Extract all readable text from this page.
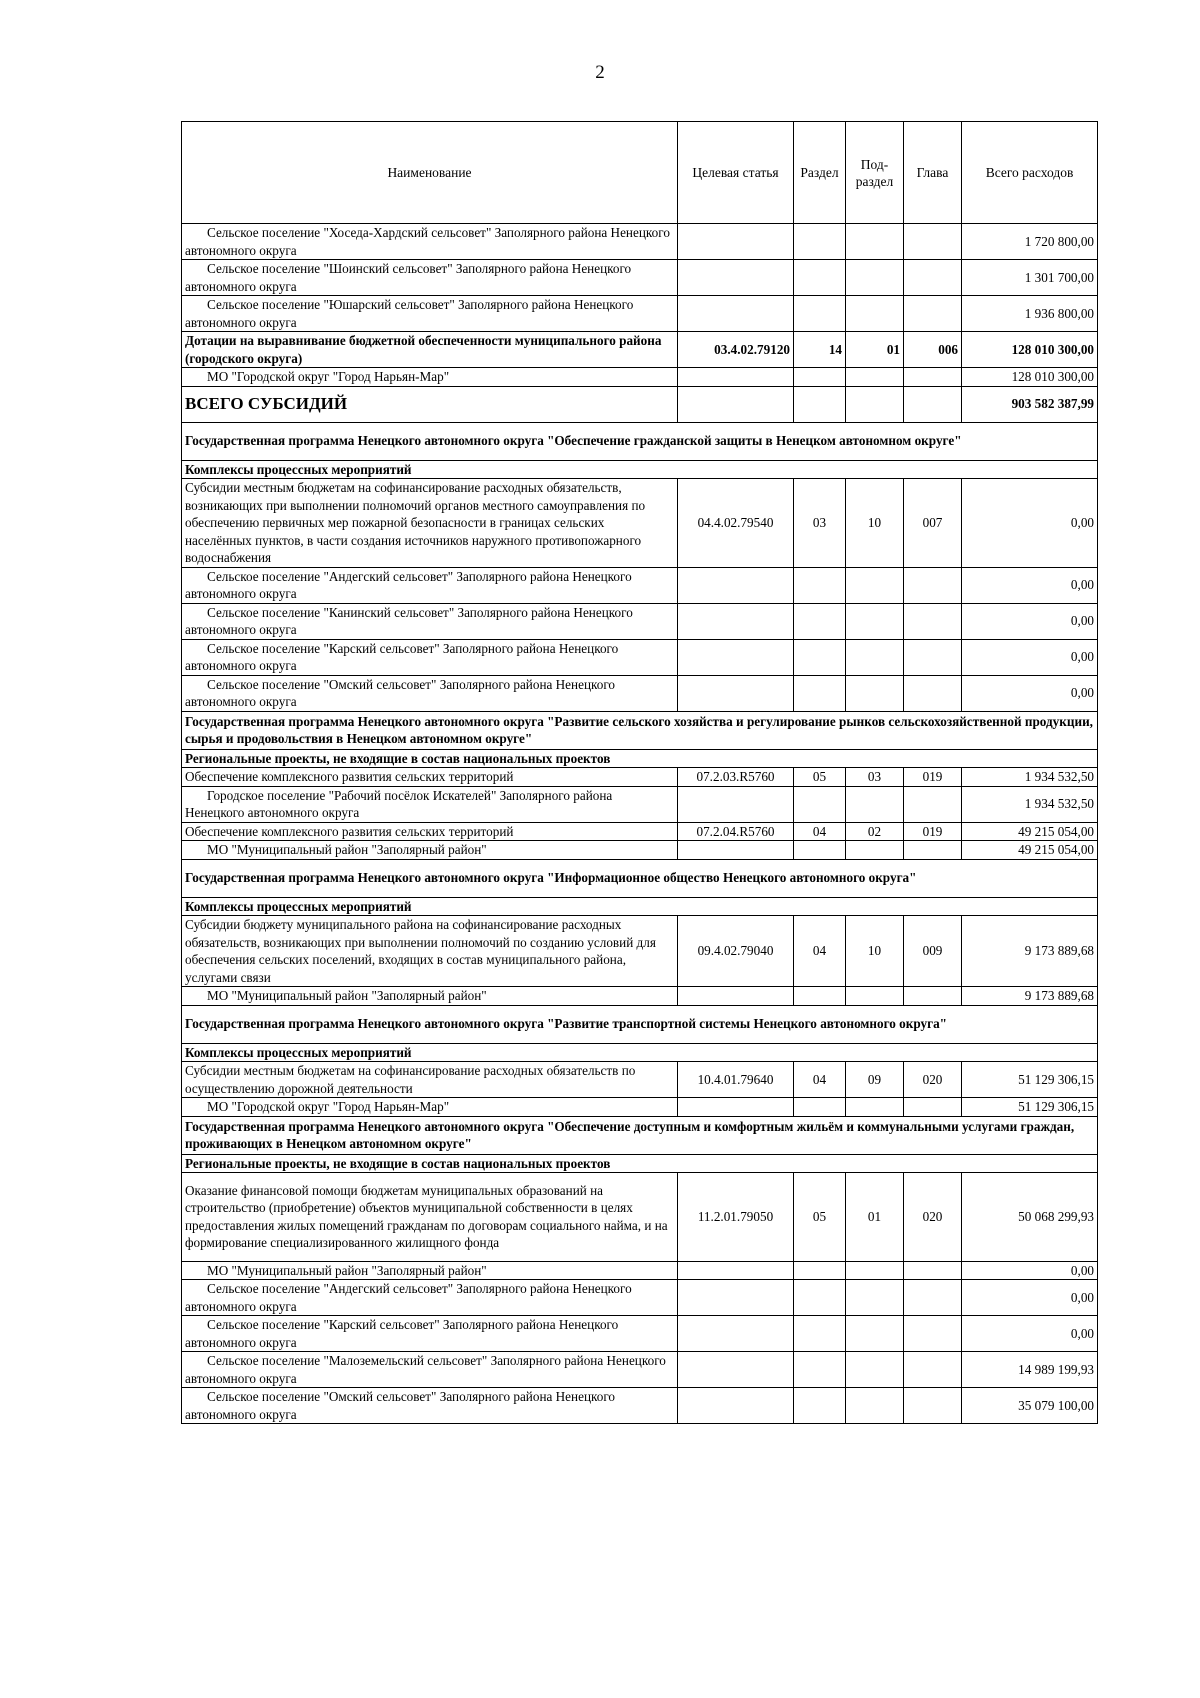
2
Наименование	Целевая статья	Раздел	Под-раздел	Глава	Всего расходов
Сельское поселение "Хоседа-Хардский сельсовет" Заполярного района Ненецкого автономного округа					1 720 800,00
Сельское поселение "Шоинский сельсовет" Заполярного района Ненецкого автономного округа					1 301 700,00
Сельское поселение "Юшарский сельсовет" Заполярного района Ненецкого автономного округа					1 936 800,00
Дотации на выравнивание бюджетной обеспеченности муниципального района (городского округа)	03.4.02.79120	14	01	006	128 010 300,00
МО "Городской округ "Город Нарьян-Мар"					128 010 300,00
ВСЕГО СУБСИДИЙ					903 582 387,99
Государственная программа Ненецкого автономного округа "Обеспечение гражданской защиты в Ненецком автономном округе"					
Комплексы процессных мероприятий					
Субсидии местным бюджетам на софинансирование расходных обязательств, возникающих при выполнении полномочий органов местного самоуправления по обеспечению первичных мер пожарной безопасности в границах сельских населённых пунктов, в части создания источников наружного противопожарного водоснабжения	04.4.02.79540	03	10	007	0,00
Сельское поселение "Андегский сельсовет" Заполярного района Ненецкого автономного округа					0,00
Сельское поселение "Канинский сельсовет" Заполярного района Ненецкого автономного округа					0,00
Сельское поселение "Карский сельсовет" Заполярного района Ненецкого автономного округа					0,00
Сельское поселение "Омский сельсовет" Заполярного района Ненецкого автономного округа					0,00
Государственная программа Ненецкого автономного округа "Развитие сельского хозяйства и регулирование рынков сельскохозяйственной продукции, сырья и продовольствия в Ненецком автономном округе"					
Региональные проекты, не входящие в состав национальных проектов					
Обеспечение комплексного развития сельских территорий	07.2.03.R5760	05	03	019	1 934 532,50
Городское поселение "Рабочий посёлок Искателей" Заполярного района Ненецкого автономного округа					1 934 532,50
Обеспечение комплексного развития сельских территорий	07.2.04.R5760	04	02	019	49 215 054,00
МО "Муниципальный район "Заполярный район"					49 215 054,00
Государственная программа Ненецкого автономного округа "Информационное общество Ненецкого автономного округа"					
Комплексы процессных мероприятий					
Субсидии бюджету муниципального района на софинансирование расходных обязательств, возникающих при выполнении полномочий по созданию условий для обеспечения сельских поселений, входящих в состав муниципального района, услугами связи	09.4.02.79040	04	10	009	9 173 889,68
МО "Муниципальный район "Заполярный район"					9 173 889,68
Государственная программа Ненецкого автономного округа "Развитие транспортной системы Ненецкого автономного округа"					
Комплексы процессных мероприятий					
Субсидии местным бюджетам на софинансирование расходных обязательств по осуществлению дорожной деятельности	10.4.01.79640	04	09	020	51 129 306,15
МО "Городской округ "Город Нарьян-Мар"					51 129 306,15
Государственная программа Ненецкого автономного округа "Обеспечение доступным и комфортным жильём и коммунальными услугами граждан, проживающих в Ненецком автономном округе"					
Региональные проекты, не входящие в состав национальных проектов					
Оказание финансовой помощи бюджетам муниципальных образований на строительство (приобретение) объектов муниципальной собственности в целях предоставления жилых помещений гражданам по договорам социального найма, и на формирование специализированного жилищного фонда	11.2.01.79050	05	01	020	50 068 299,93
МО "Муниципальный район "Заполярный район"					0,00
Сельское поселение "Андегский сельсовет" Заполярного района Ненецкого автономного округа					0,00
Сельское поселение "Карский сельсовет" Заполярного района Ненецкого автономного округа					0,00
Сельское поселение "Малоземельский сельсовет" Заполярного района Ненецкого автономного округа					14 989 199,93
Сельское поселение "Омский сельсовет" Заполярного района Ненецкого автономного округа					35 079 100,00
